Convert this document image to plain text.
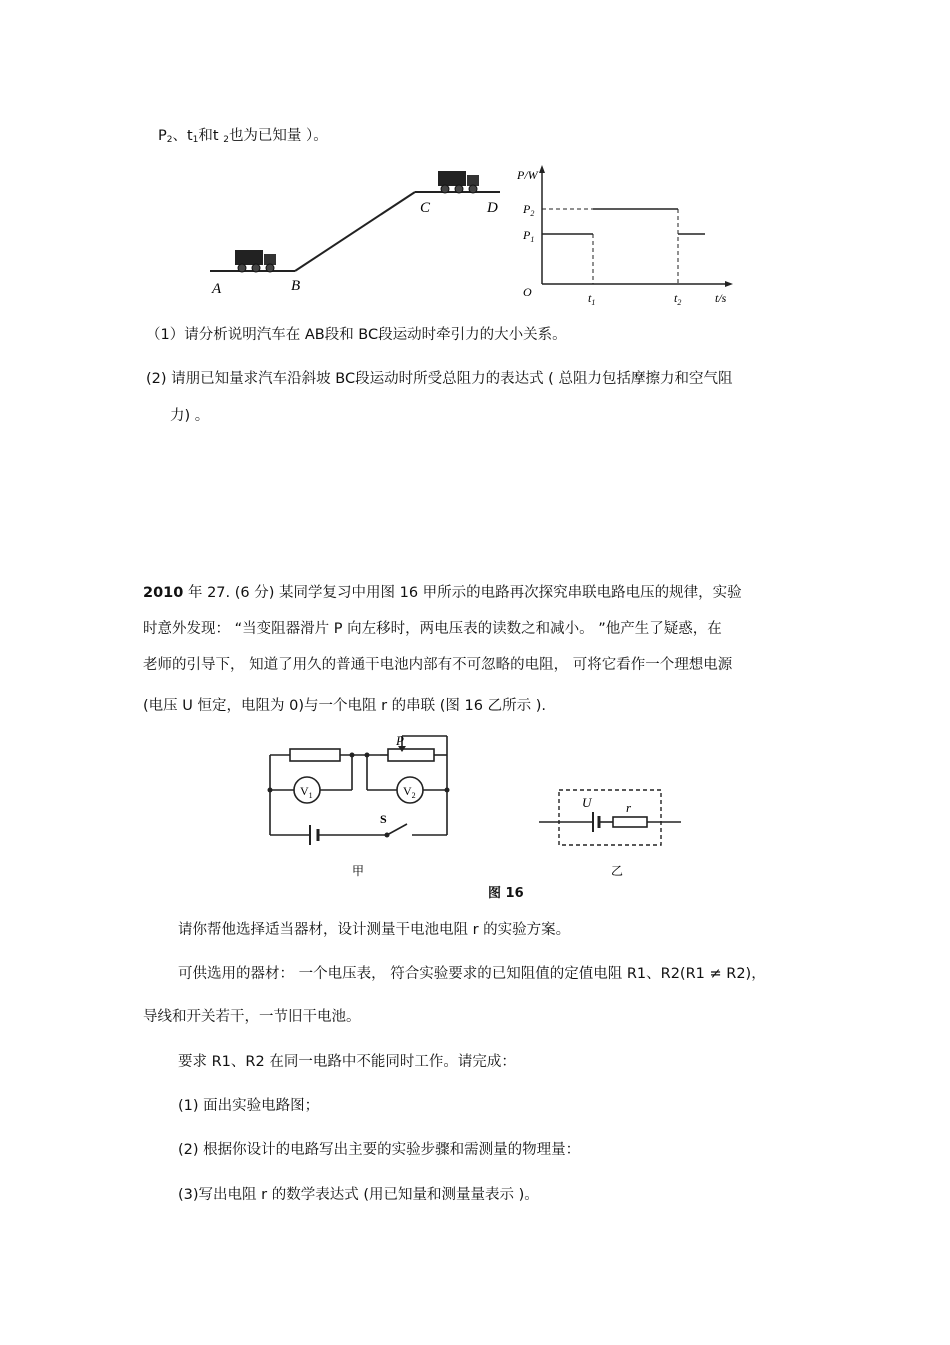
$P_2$、$t_1$和t $_2$也为已知量 ）。
A	B
C	D
P/W
t/s
O
$P_2$
$P_1$
$t_1$	$t_2$
（1）请分析说明汽车在 AB段和 BC段运动时牵引力的大小关系。
(2) 请朋已知量求汽车沿斜坡 BC段运动时所受总阻力的表达式 ( 总阻力包括摩擦力和空气阻
力) 。
2010 年 27. (6 分) 某同学复习中用图 16 甲所示的电路再次探究串联电路电压的规律，实验
时意外发现： “当变阻器滑片 P 向左移时，两电压表的读数之和减小。 ”他产生了疑惑，在
老师的引导下， 知道了用久的普通干电池内部有不可忽略的电阻， 可将它看作一个理想电源
(电压 U 恒定，电阻为 0)与一个电阻 r 的串联 (图 16 乙所示 ).
P
$V_1$	$V_2$
S
甲
U	r
乙
图 16
请你帮他选择适当器材，设计测量干电池电阻 r 的实验方案。
可供选用的器材： 一个电压表， 符合实验要求的已知阻值的定值电阻 R1、R2(R1 ≠ R2)，
导线和开关若干，一节旧干电池。
要求 R1、R2 在同一电路中不能同时工作。请完成：
(1) 面出实验电路图；
(2) 根据你设计的电路写出主要的实验步骤和需测量的物理量：
(3)写出电阻 r 的数学表达式 (用已知量和测量量表示 )。
